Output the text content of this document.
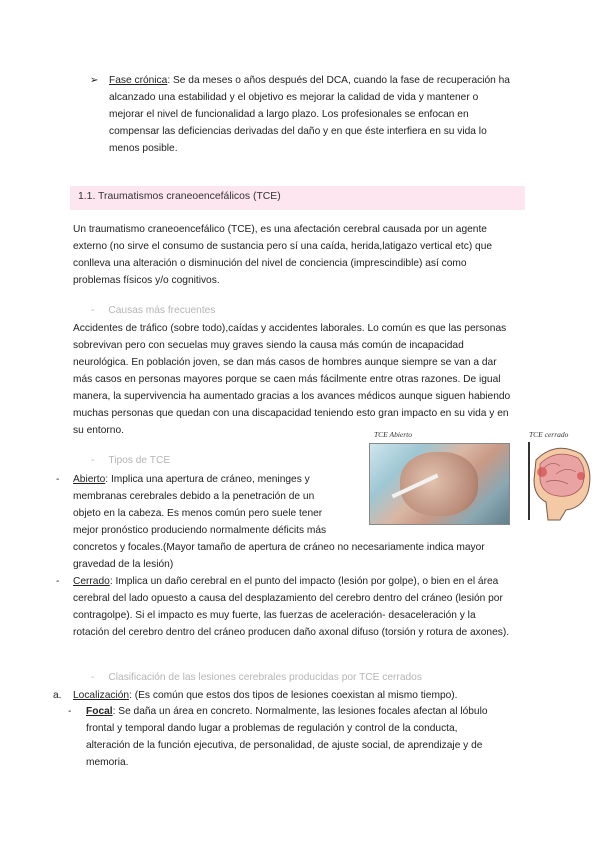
➢ Fase crónica: Se da meses o años después del DCA, cuando la fase de recuperación ha
alcanzado una estabilidad y el objetivo es mejorar la calidad de vida y mantener o
mejorar el nivel de funcionalidad a largo plazo. Los profesionales se enfocan en
compensar las deficiencias derivadas del daño y en que éste interfiera en su vida lo
menos posible.
1.1. Traumatismos craneoencefálicos (TCE)
Un traumatismo craneoencefálico (TCE), es una afectación cerebral causada por un agente
externo (no sirve el consumo de sustancia pero sí una caída, herida,latigazo vertical etc) que
conlleva una alteración o disminución del nivel de conciencia (imprescindible) así como
problemas físicos y/o cognitivos.
- Causas más frecuentes
Accidentes de tráfico (sobre todo),caídas y accidentes laborales. Lo común es que las personas
sobrevivan pero con secuelas muy graves siendo la causa más común de incapacidad
neurológica. En población joven, se dan más casos de hombres aunque siempre se van a dar
más casos en personas mayores porque se caen más fácilmente entre otras razones. De igual
manera, la supervivencia ha aumentado gracias a los avances médicos aunque siguen habiendo
muchas personas que quedan con una discapacidad teniendo esto gran impacto en su vida y en
su entorno.	TCE Abierto	TCE cerrado
- Tipos de TCE
- Abierto: Implica una apertura de cráneo, meninges y
membranas cerebrales debido a la penetración de un
objeto en la cabeza. Es menos común pero suele tener
mejor pronóstico produciendo normalmente déficits más
concretos y focales.(Mayor tamaño de apertura de cráneo no necesariamente indica mayor
gravedad de la lesión)
- Cerrado: Implica un daño cerebral en el punto del impacto (lesión por golpe), o bien en el área
cerebral del lado opuesto a causa del desplazamiento del cerebro dentro del cráneo (lesión por
contragolpe). Si el impacto es muy fuerte, las fuerzas de aceleración- desaceleración y la
rotación del cerebro dentro del cráneo producen daño axonal difuso (torsión y rotura de axones).
- Clasificación de las lesiones cerebrales producidas por TCE cerrados
a. Localización: (Es común que estos dos tipos de lesiones coexistan al mismo tiempo).
- Focal: Se daña un área en concreto. Normalmente, las lesiones focales afectan al lóbulo
frontal y temporal dando lugar a problemas de regulación y control de la conducta,
alteración de la función ejecutiva, de personalidad, de ajuste social, de aprendizaje y de
memoria.
